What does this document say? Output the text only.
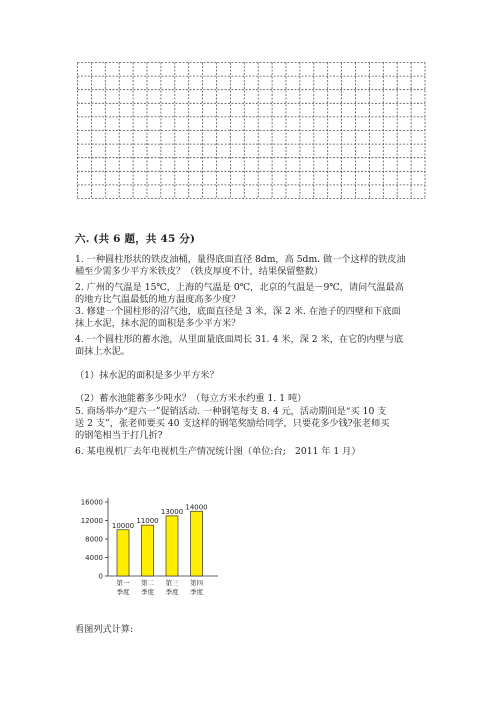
六. (共 6 题，共 45 分)
1. 一种圆柱形状的铁皮油桶，量得底面直径 8dm，高 5dm. 做一个这样的铁皮油
桶至少需多少平方米铁皮？（铁皮厚度不计，结果保留整数）
2. 广州的气温是 15℃，上海的气温是 0℃，北京的气温是－9℃，请问气温最高
的地方比气温最低的地方温度高多少度？
3. 修建一个圆柱形的沼气池，底面直径是 3 米，深 2 米. 在池子的四壁和下底面
抹上水泥，抹水泥的面积是多少平方米？
4. 一个圆柱形的蓄水池，从里面量底面周长 31. 4 米，深 2 米，在它的内壁与底
面抹上水泥。
（1）抹水泥的面积是多少平方米？
（2）蓄水池能蓄多少吨水？（每立方米水约重 1. 1 吨）
5. 商场举办“迎六一”促销活动. 一种钢笔每支 8. 4 元，活动期间是“买 10 支
送 2 支”，张老师要买 40 支这样的钢笔奖励给同学，只要花多少钱?张老师买
的钢笔相当于打几折?
6. 某电视机厂去年电视机生产情况统计图（单位:台;　2011 年 1 月）
0
4000
8000
12000
16000
10000
第一
季度
11000
第二
季度
13000
第三
季度
14000
第四
季度
看图列式计算:
